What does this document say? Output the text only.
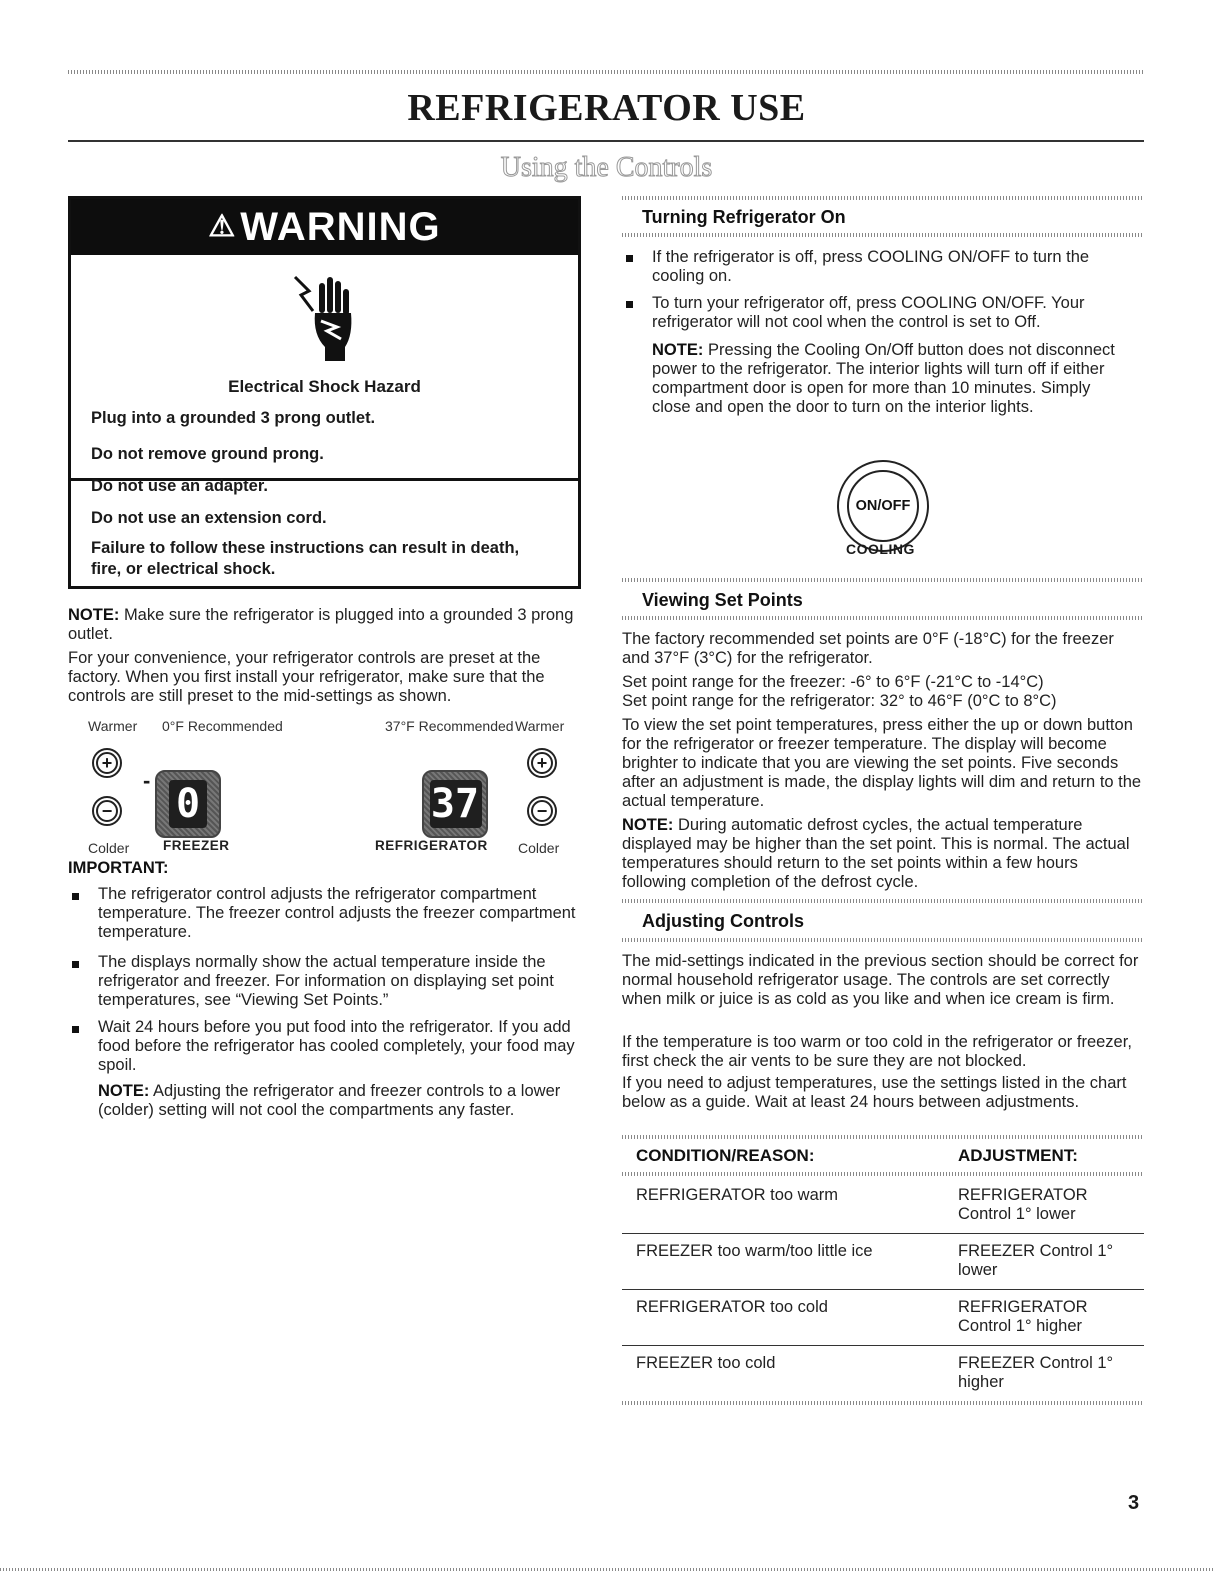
REFRIGERATOR USE
Using the Controls
⚠ WARNING
Electrical Shock Hazard
Plug into a grounded 3 prong outlet.
Do not remove ground prong.
Do not use an adapter.
Do not use an extension cord.
Failure to follow these instructions can result in death,
fire, or electrical shock.
NOTE: Make sure the refrigerator is plugged into a grounded 3 prong outlet.
For your convenience, your refrigerator controls are preset at the factory. When you first install your refrigerator, make sure that the controls are still preset to the mid-settings as shown.
Warmer 0°F Recommended	37°F Recommended Warmer
+
−
-
0	37
+
−
Colder	FREEZER	REFRIGERATOR Colder
IMPORTANT:
The refrigerator control adjusts the refrigerator compartment temperature. The freezer control adjusts the freezer compartment temperature.
The displays normally show the actual temperature inside the refrigerator and freezer. For information on displaying set point temperatures, see “Viewing Set Points.”
Wait 24 hours before you put food into the refrigerator. If you add food before the refrigerator has cooled completely, your food may spoil.
NOTE: Adjusting the refrigerator and freezer controls to a lower (colder) setting will not cool the compartments any faster.
Turning Refrigerator On
If the refrigerator is off, press COOLING ON/OFF to turn the cooling on.
To turn your refrigerator off, press COOLING ON/OFF. Your refrigerator will not cool when the control is set to Off.
NOTE: Pressing the Cooling On/Off button does not disconnect power to the refrigerator. The interior lights will turn off if either compartment door is open for more than 10 minutes. Simply close and open the door to turn on the interior lights.
ON/OFF
COOLING
Viewing Set Points
The factory recommended set points are 0°F (-18°C) for the freezer and 37°F (3°C) for the refrigerator.
Set point range for the freezer: -6° to 6°F (-21°C to -14°C)
Set point range for the refrigerator: 32° to 46°F (0°C to 8°C)
To view the set point temperatures, press either the up or down button for the refrigerator or freezer temperature. The display will become brighter to indicate that you are viewing the set points. Five seconds after an adjustment is made, the display lights will dim and return to the actual temperature.
NOTE: During automatic defrost cycles, the actual temperature displayed may be higher than the set point. This is normal. The actual temperatures should return to the set points within a few hours following completion of the defrost cycle.
Adjusting Controls
The mid-settings indicated in the previous section should be correct for normal household refrigerator usage. The controls are set correctly when milk or juice is as cold as you like and when ice cream is firm.
If the temperature is too warm or too cold in the refrigerator or freezer, first check the air vents to be sure they are not blocked.
If you need to adjust temperatures, use the settings listed in the chart below as a guide. Wait at least 24 hours between adjustments.
CONDITION/REASON:	ADJUSTMENT:
REFRIGERATOR too warm	REFRIGERATOR
Control 1° lower
FREEZER too warm/too little ice	FREEZER Control 1°
lower
REFRIGERATOR too cold	REFRIGERATOR
Control 1° higher
FREEZER too cold	FREEZER Control 1°
higher
3
